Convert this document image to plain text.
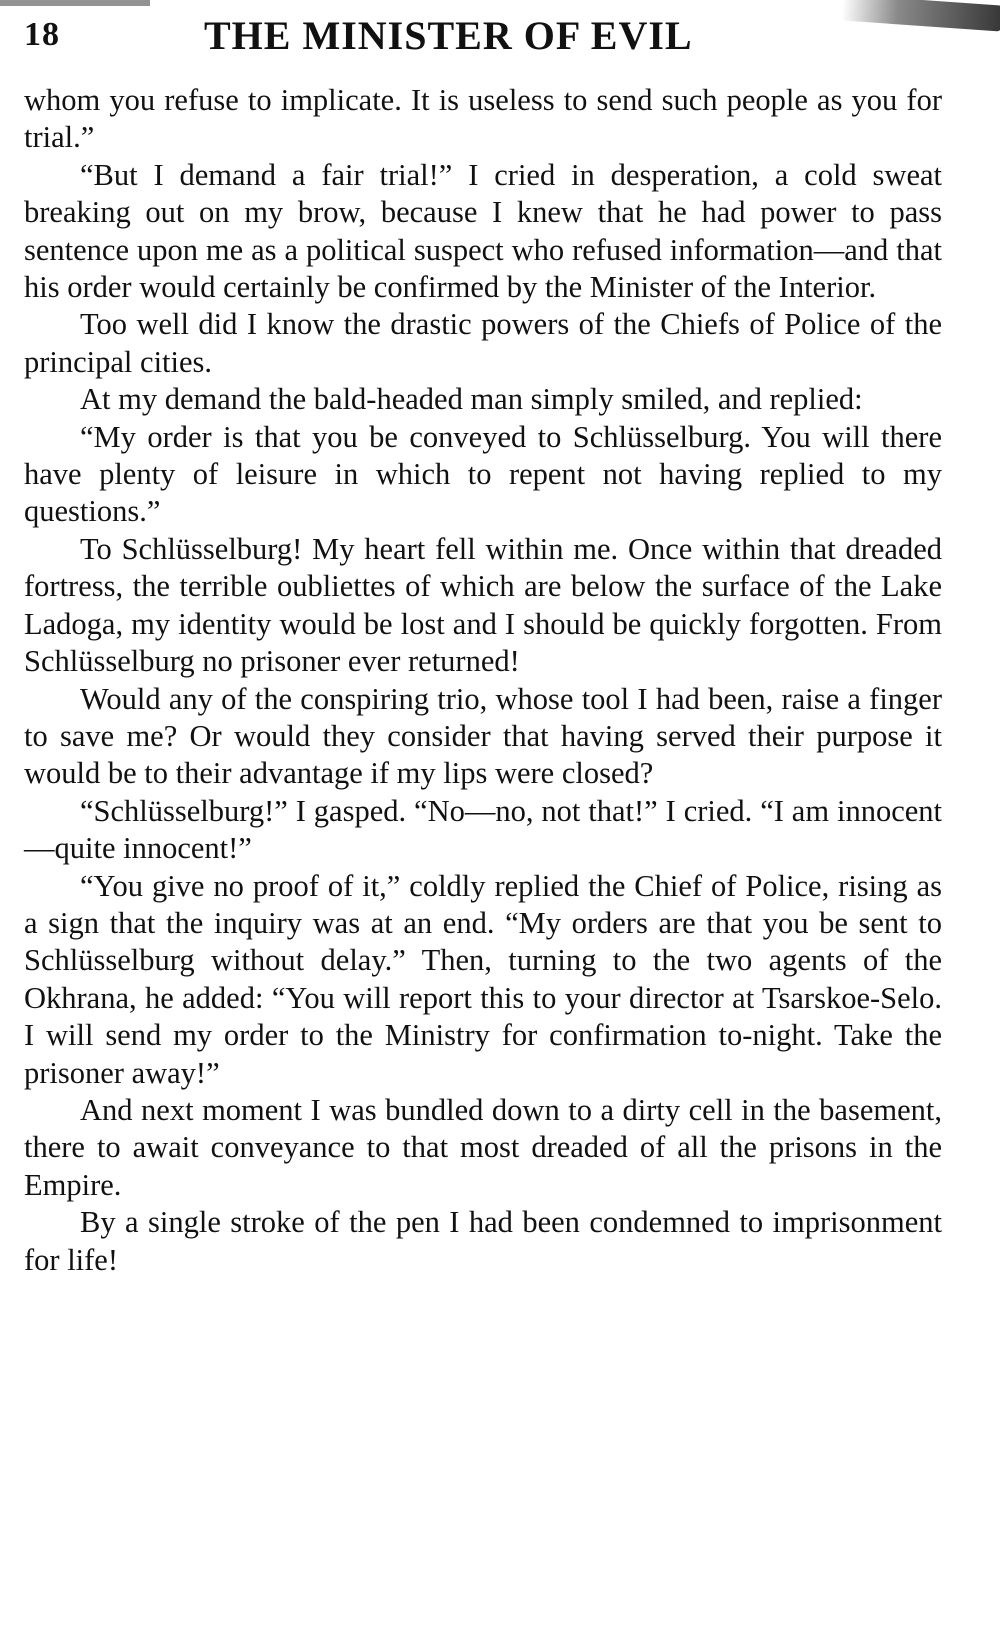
18	THE MINISTER OF EVIL

whom you refuse to implicate. It is useless to send such people as you for trial.”

“But I demand a fair trial!” I cried in desperation, a cold sweat breaking out on my brow, because I knew that he had power to pass sentence upon me as a political suspect who refused information—and that his order would certainly be confirmed by the Minister of the Interior.

Too well did I know the drastic powers of the Chiefs of Police of the principal cities.

At my demand the bald-headed man simply smiled, and replied:

“My order is that you be conveyed to Schlüsselburg. You will there have plenty of leisure in which to repent not having replied to my questions.”

To Schlüsselburg! My heart fell within me. Once within that dreaded fortress, the terrible oubliettes of which are below the surface of the Lake Ladoga, my identity would be lost and I should be quickly forgotten. From Schlüsselburg no prisoner ever returned!

Would any of the conspiring trio, whose tool I had been, raise a finger to save me? Or would they consider that having served their purpose it would be to their advantage if my lips were closed?

“Schlüsselburg!” I gasped. “No—no, not that!” I cried. “I am innocent—quite innocent!”

“You give no proof of it,” coldly replied the Chief of Police, rising as a sign that the inquiry was at an end. “My orders are that you be sent to Schlüsselburg without delay.” Then, turning to the two agents of the Okhrana, he added: “You will report this to your director at Tsarskoe-Selo. I will send my order to the Ministry for confirmation to-night. Take the prisoner away!”

And next moment I was bundled down to a dirty cell in the basement, there to await conveyance to that most dreaded of all the prisons in the Empire.

By a single stroke of the pen I had been condemned to imprisonment for life!
